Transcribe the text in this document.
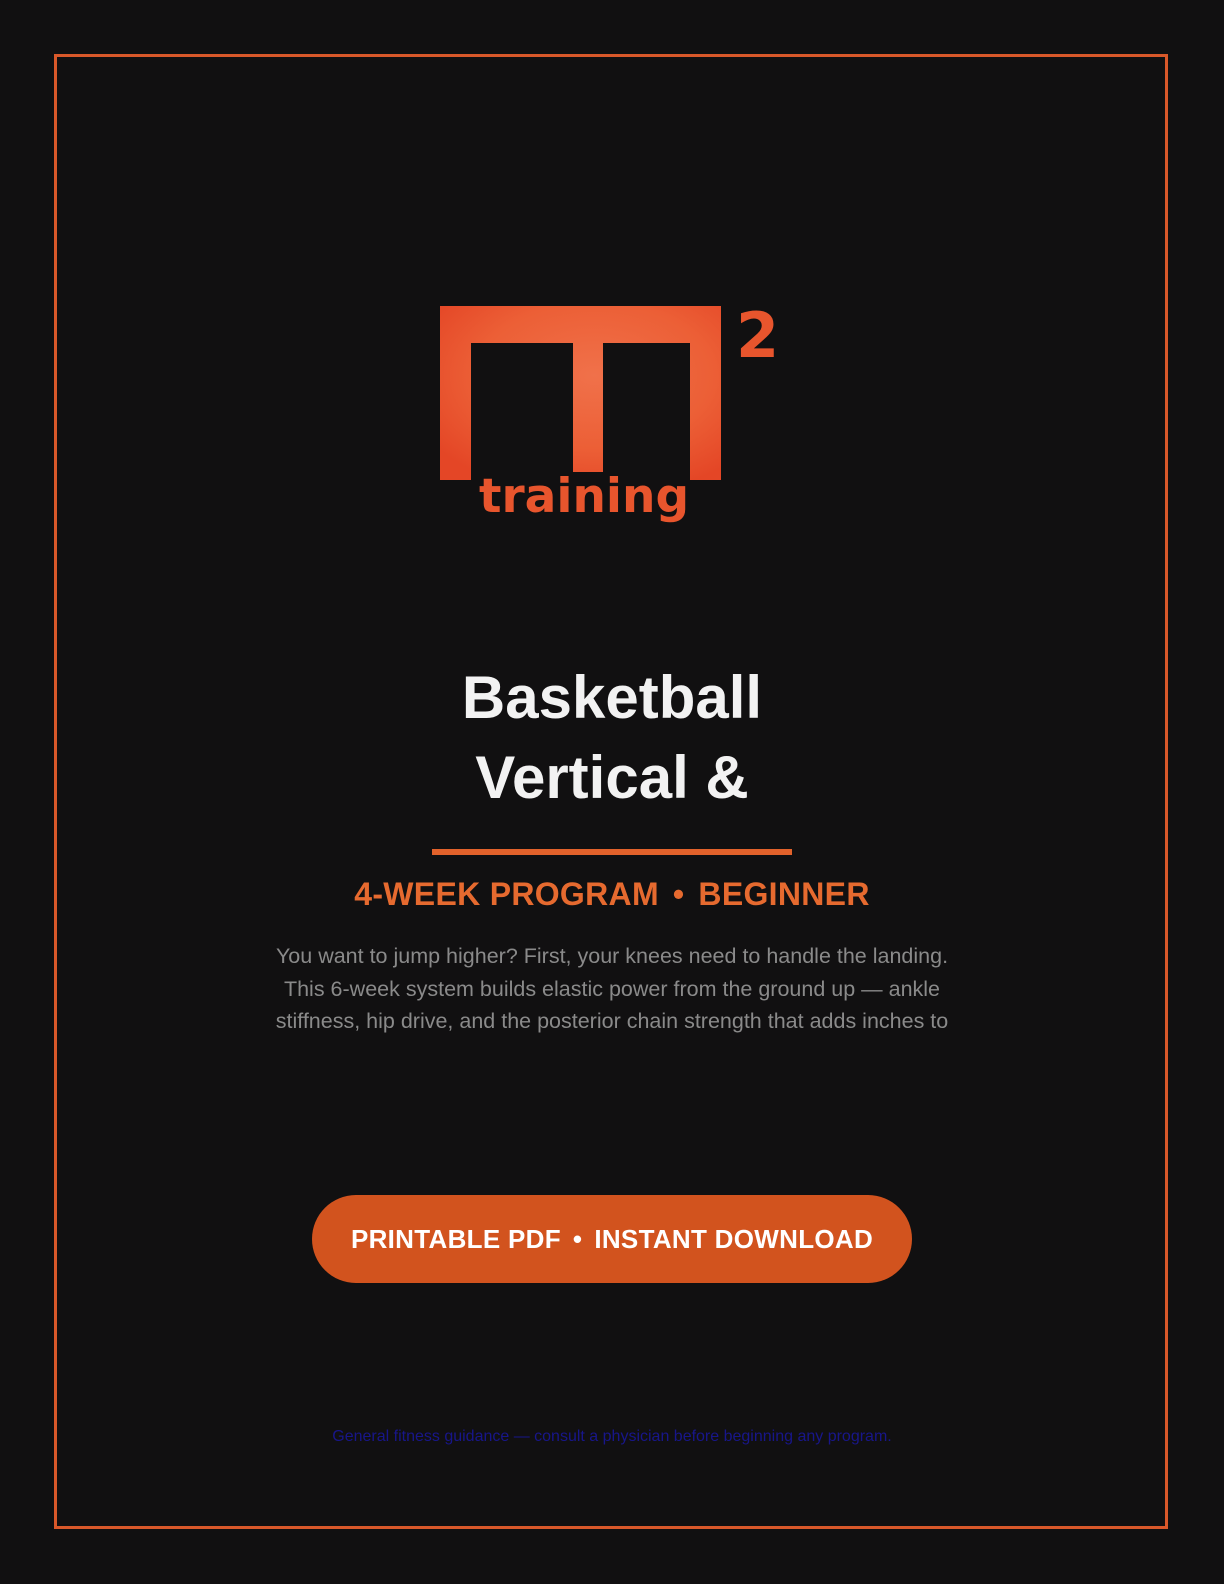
2
training
Basketball
Vertical &
4-WEEK PROGRAM • BEGINNER
You want to jump higher? First, your knees need to handle the landing.
This 6-week system builds elastic power from the ground up — ankle
stiffness, hip drive, and the posterior chain strength that adds inches to
PRINTABLE PDF • INSTANT DOWNLOAD
General fitness guidance — consult a physician before beginning any program.
